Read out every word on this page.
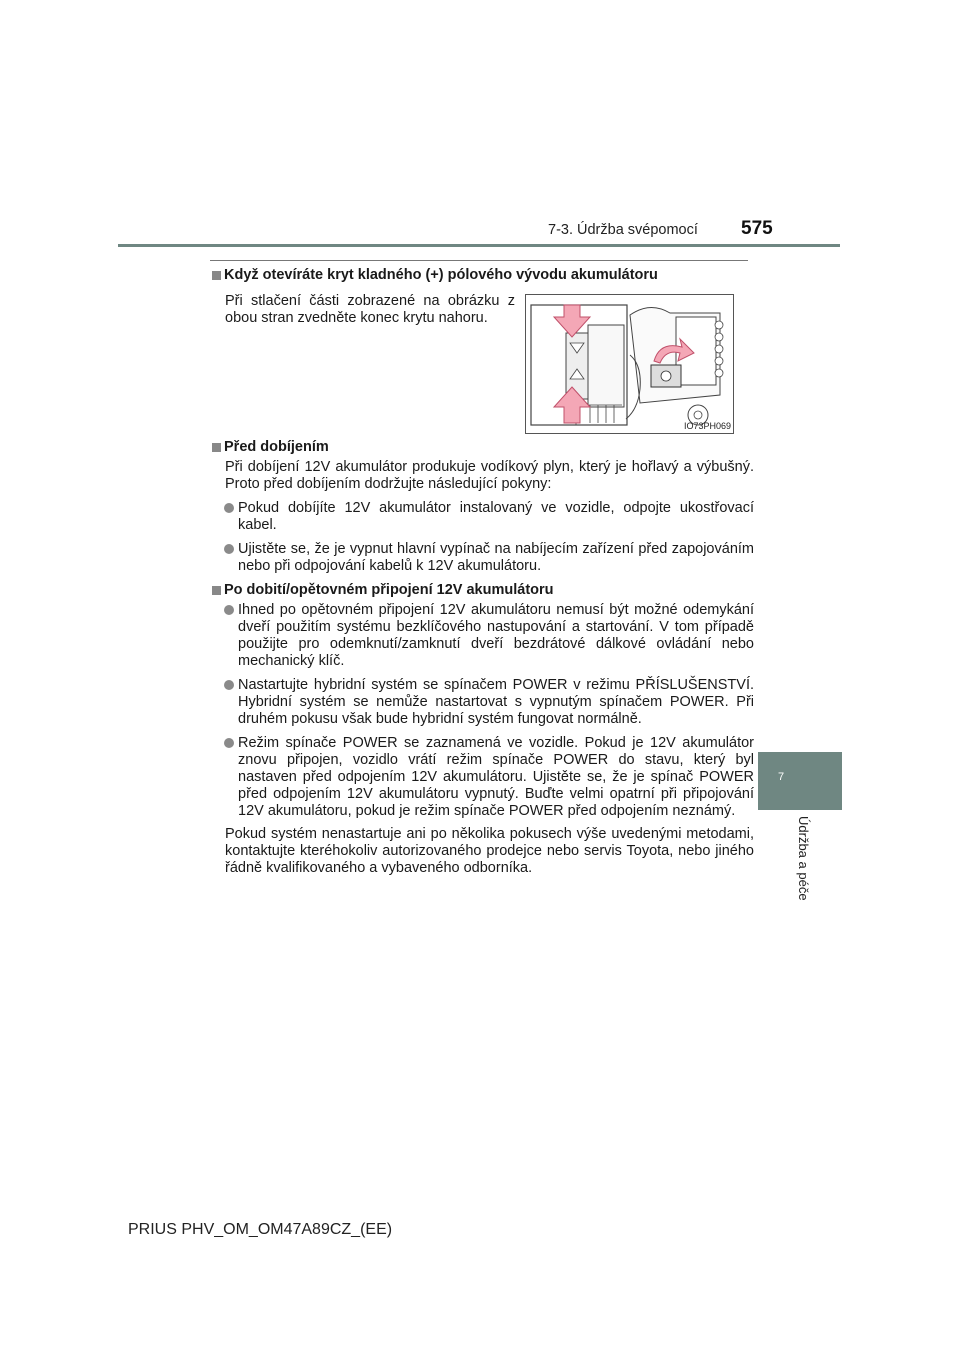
7-3. Údržba svépomocí 575
7
Údržba a péče

Když otevíráte kryt kladného (+) pólového vývodu akumulátoru

Při stlačení části zobrazené na obrázku z obou stran zvedněte konec krytu nahoru.

Před dobíjením

Při dobíjení 12V akumulátor produkuje vodíkový plyn, který je hořlavý a výbušný. Proto před dobíjením dodržujte následující pokyny:

Pokud dobíjíte 12V akumulátor instalovaný ve vozidle, odpojte ukostřovací kabel.

Ujistěte se, že je vypnut hlavní vypínač na nabíjecím zařízení před zapojováním nebo při odpojování kabelů k 12V akumulátoru.

Po dobití/opětovném připojení 12V akumulátoru

Ihned po opětovném připojení 12V akumulátoru nemusí být možné odemykání dveří použitím systému bezklíčového nastupování a startování. V tom případě použijte pro odemknutí/zamknutí dveří bezdrátové dálkové ovládání nebo mechanický klíč.

Nastartujte hybridní systém se spínačem POWER v režimu PŘÍSLUŠENSTVÍ. Hybridní systém se nemůže nastartovat s vypnutým spínačem POWER. Při druhém pokusu však bude hybridní systém fungovat normálně.

Režim spínače POWER se zaznamená ve vozidle. Pokud je 12V akumulátor znovu připojen, vozidlo vrátí režim spínače POWER do stavu, který byl nastaven před odpojením 12V akumulátoru. Ujistěte se, že je spínač POWER před odpojením 12V akumulátoru vypnutý. Buďte velmi opatrní při připojování 12V akumulátoru, pokud je režim spínače POWER před odpojením neznámý.

Pokud systém nenastartuje ani po několika pokusech výše uvedenými metodami, kontaktujte kteréhokoliv autorizovaného prodejce nebo servis Toyota, nebo jiného řádně kvalifikovaného a vybaveného odborníka.

IO73PH069
PRIUS PHV_OM_OM47A89CZ_(EE)
